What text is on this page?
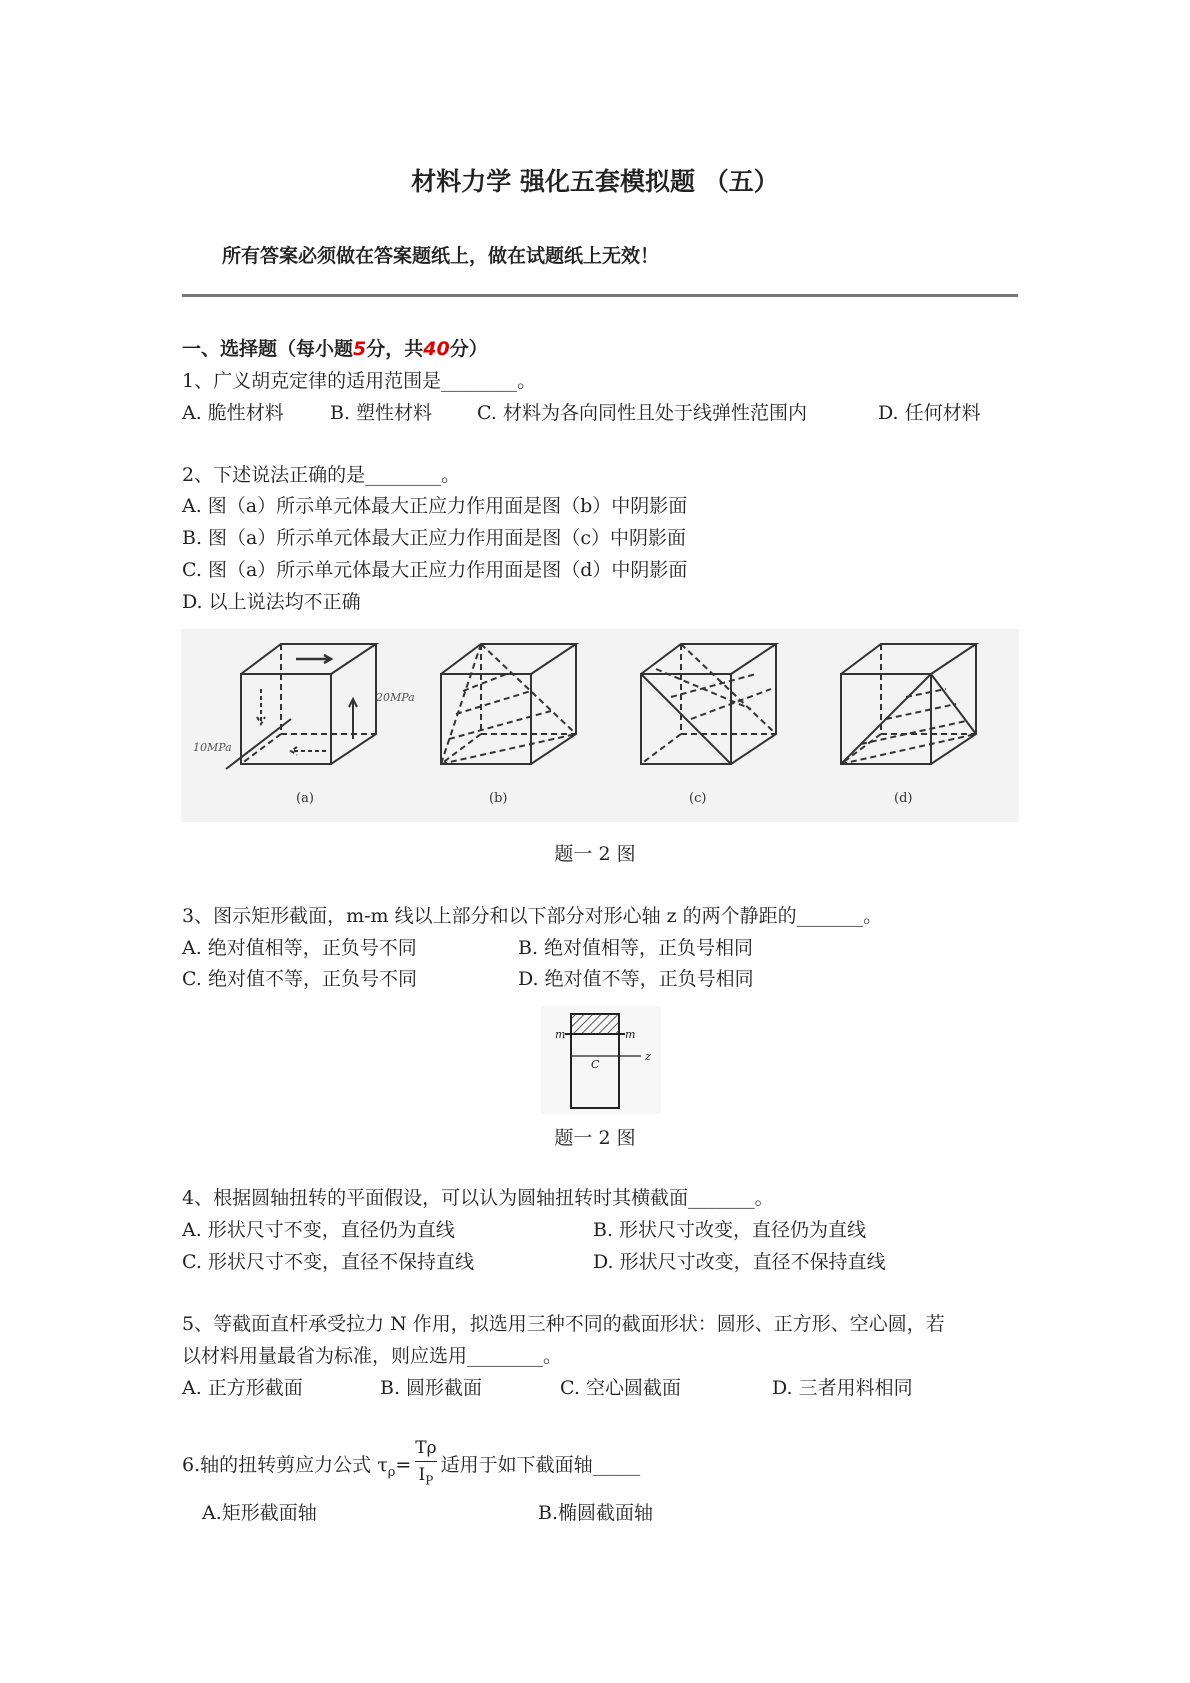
材料力学 强化五套模拟题 （五）
所有答案必须做在答案题纸上，做在试题纸上无效！
一、选择题（每小题5分，共40分）
1、广义胡克定律的适用范围是________。
A. 脆性材料 B. 塑性材料 C. 材料为各向同性且处于线弹性范围内	D. 任何材料
2、下述说法正确的是________。
A. 图（a）所示单元体最大正应力作用面是图（b）中阴影面
B. 图（a）所示单元体最大正应力作用面是图（c）中阴影面
C. 图（a）所示单元体最大正应力作用面是图（d）中阴影面
D. 以上说法均不正确
20MPa
10MPa
(a)	(b)	(c)	(d)
题一 2 图
3、图示矩形截面，m-m 线以上部分和以下部分对形心轴 z 的两个静距的_______。
A. 绝对值相等，正负号不同	B. 绝对值相等，正负号相同
C. 绝对值不等，正负号不同	D. 绝对值不等，正负号相同
m	m
z
C
题一 2 图
4、根据圆轴扭转的平面假设，可以认为圆轴扭转时其横截面_______。
A. 形状尺寸不变，直径仍为直线	B. 形状尺寸改变，直径仍为直线
C. 形状尺寸不变，直径不保持直线	D. 形状尺寸改变，直径不保持直线
5、等截面直杆承受拉力 N 作用，拟选用三种不同的截面形状：圆形、正方形、空心圆，若
以材料用量最省为标准，则应选用________。
A. 正方形截面	B. 圆形截面	C. 空心圆截面	D. 三者用料相同
6.轴的扭转剪应力公式 $\tau_\rho= \frac{T\rho}{I_P}$ 适用于如下截面轴_____
A.矩形截面轴	B.椭圆截面轴
